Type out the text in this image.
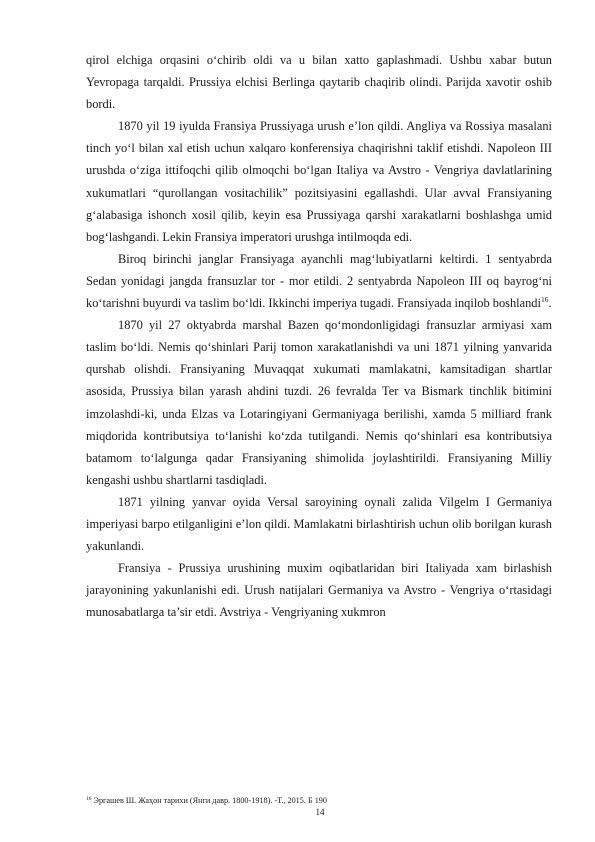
qirol elchiga orqasini o‘chirib oldi va u bilan xatto gaplashmadi. Ushbu xabar butun Yevropaga tarqaldi. Prussiya elchisi Berlinga qaytarib chaqirib olindi. Parijda xavotir oshib bordi.

1870 yil 19 iyulda Fransiya Prussiyaga urush e’lon qildi. Angliya va Rossiya masalani tinch yo‘l bilan xal etish uchun xalqaro konferensiya chaqirishni taklif etishdi. Napoleon III urushda o‘ziga ittifoqchi qilib olmoqchi bo‘lgan Italiya va Avstro - Vengriya davlatlarining xukumatlari “qurollangan vositachilik” pozitsiyasini egallashdi. Ular avval Fransiyaning g‘alabasiga ishonch xosil qilib, keyin esa Prussiyaga qarshi xarakatlarni boshlashga umid bog‘lashgandi. Lekin Fransiya imperatori urushga intilmoqda edi.

Biroq birinchi janglar Fransiyaga ayanchli mag‘lubiyatlarni keltirdi. 1 sentyabrda Sedan yonidagi jangda fransuzlar tor - mor etildi. 2 sentyabrda Napoleon III oq bayrog‘ni ko‘tarishni buyurdi va taslim bo‘ldi. Ikkinchi imperiya tugadi. Fransiyada inqilob boshlandi$^{16}$.

1870 yil 27 oktyabrda marshal Bazen qo‘mondonligidagi fransuzlar armiyasi xam taslim bo‘ldi. Nemis qo‘shinlari Parij tomon xarakatlanishdi va uni 1871 yilning yanvarida qurshab olishdi. Fransiyaning Muvaqqat xukumati mamlakatni, kamsitadigan shartlar asosida, Prussiya bilan yarash ahdini tuzdi. 26 fevralda Ter va Bismark tinchlik bitimini imzolashdi-ki, unda Elzas va Lotaringiyani Germaniyaga berilishi, xamda 5 milliard frank miqdorida kontributsiya to‘lanishi ko‘zda tutilgandi. Nemis qo‘shinlari esa kontributsiya batamom to‘lalgunga qadar Fransiyaning shimolida joylashtirildi. Fransiyaning Milliy kengashi ushbu shartlarni tasdiqladi.

1871 yilning yanvar oyida Versal saroyining oynali zalida Vilgelm I Germaniya imperiyasi barpo etilganligini e’lon qildi. Mamlakatni birlashtirish uchun olib borilgan kurash yakunlandi.

Fransiya - Prussiya urushining muxim oqibatlaridan biri Italiyada xam birlashish jarayonining yakunlanishi edi. Urush natijalari Germaniya va Avstro - Vengriya o‘rtasidagi munosabatlarga ta’sir etdi. Avstriya - Vengriyaning xukmron

$^{16}$ Эргашев Ш. Жаҳон тарихи (Янги давр. 1800-1918). -Т., 2015. Б 190
14
